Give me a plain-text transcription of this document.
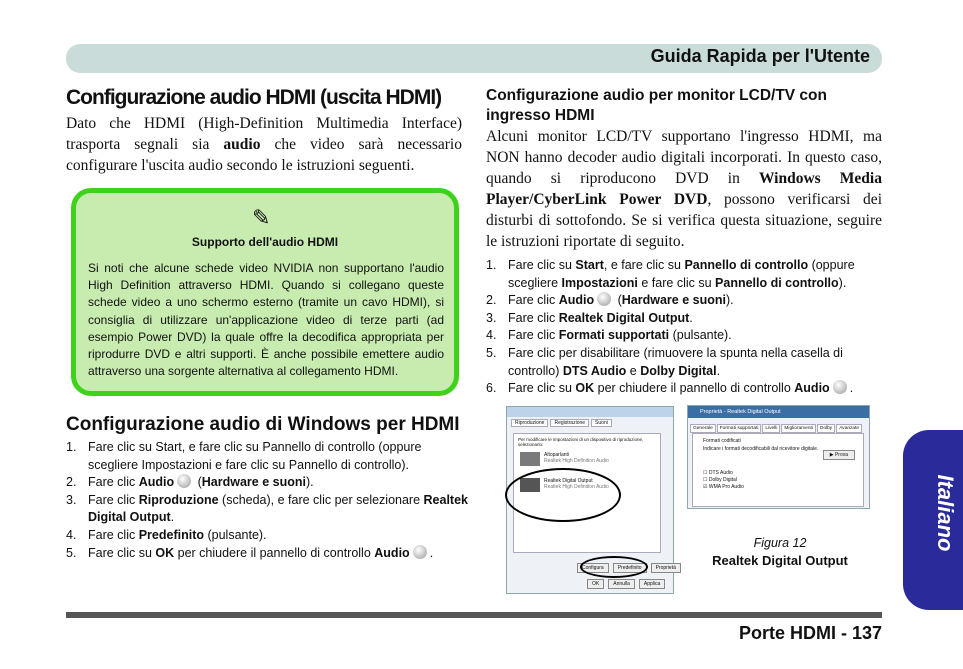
Guida Rapida per l'Utente
Italiano
Configurazione audio HDMI (uscita HDMI)
Dato che HDMI (High-Definition Multimedia Interface) trasporta segnali sia audio che video sarà necessario configurare l'uscita audio secondo le istruzioni seguenti.
✎
Supporto dell'audio HDMI
Si noti che alcune schede video NVIDIA non supportano l'audio High Definition attraverso HDMI. Quando si collegano queste schede video a uno schermo esterno (tramite un cavo HDMI), si consiglia di utilizzare un'applicazione video di terze parti (ad esempio Power DVD) la quale offre la decodifica appropriata per riprodurre DVD e altri supporti. È anche possibile emettere audio attraverso una sorgente alternativa al collegamento HDMI.
Configurazione audio di Windows per HDMI
1. Fare clic su Start, e fare clic su Pannello di controllo (oppure scegliere Impostazioni e fare clic su Pannello di controllo).
2. Fare clic Audio (Hardware e suoni).
3. Fare clic Riproduzione (scheda), e fare clic per selezionare Realtek Digital Output.
4. Fare clic Predefinito (pulsante).
5. Fare clic su OK per chiudere il pannello di controllo Audio .
Configurazione audio per monitor LCD/TV con ingresso HDMI
Alcuni monitor LCD/TV supportano l'ingresso HDMI, ma NON hanno decoder audio digitali incorporati. In questo caso, quando si riproducono DVD in Windows Media Player/CyberLink Power DVD, possono verificarsi dei disturbi di sottofondo. Se si verifica questa situazione, seguire le istruzioni riportate di seguito.
1. Fare clic su Start, e fare clic su Pannello di controllo (oppure scegliere Impostazioni e fare clic su Pannello di controllo).
2. Fare clic Audio (Hardware e suoni).
3. Fare clic Realtek Digital Output.
4. Fare clic Formati supportati (pulsante).
5. Fare clic per disabilitare (rimuovere la spunta nella casella di controllo) DTS Audio e Dolby Digital.
6. Fare clic su OK per chiudere il pannello di controllo Audio .
Riproduzione	Registrazione	Suoni
Per modificare le impostazioni di un dispositivo di riproduzione, selezionarlo:
Altoparlanti
Realtek High Definition Audio
Realtek Digital Output
Realtek High Definition Audio
Configura	Predefinito	Proprietà
OK	Annulla	Applica
Proprietà - Realtek Digital Output
Generale	Formati supportati	Livelli	Miglioramenti	Dolby	Avanzate
Formati codificati
Indicare i formati decodificabili dal ricevitore digitale.
☐ DTS Audio
☐ Dolby Digital
☑ WMA Pro Audio
▶ Prova
Figura 12
Realtek Digital Output
Porte HDMI - 137
